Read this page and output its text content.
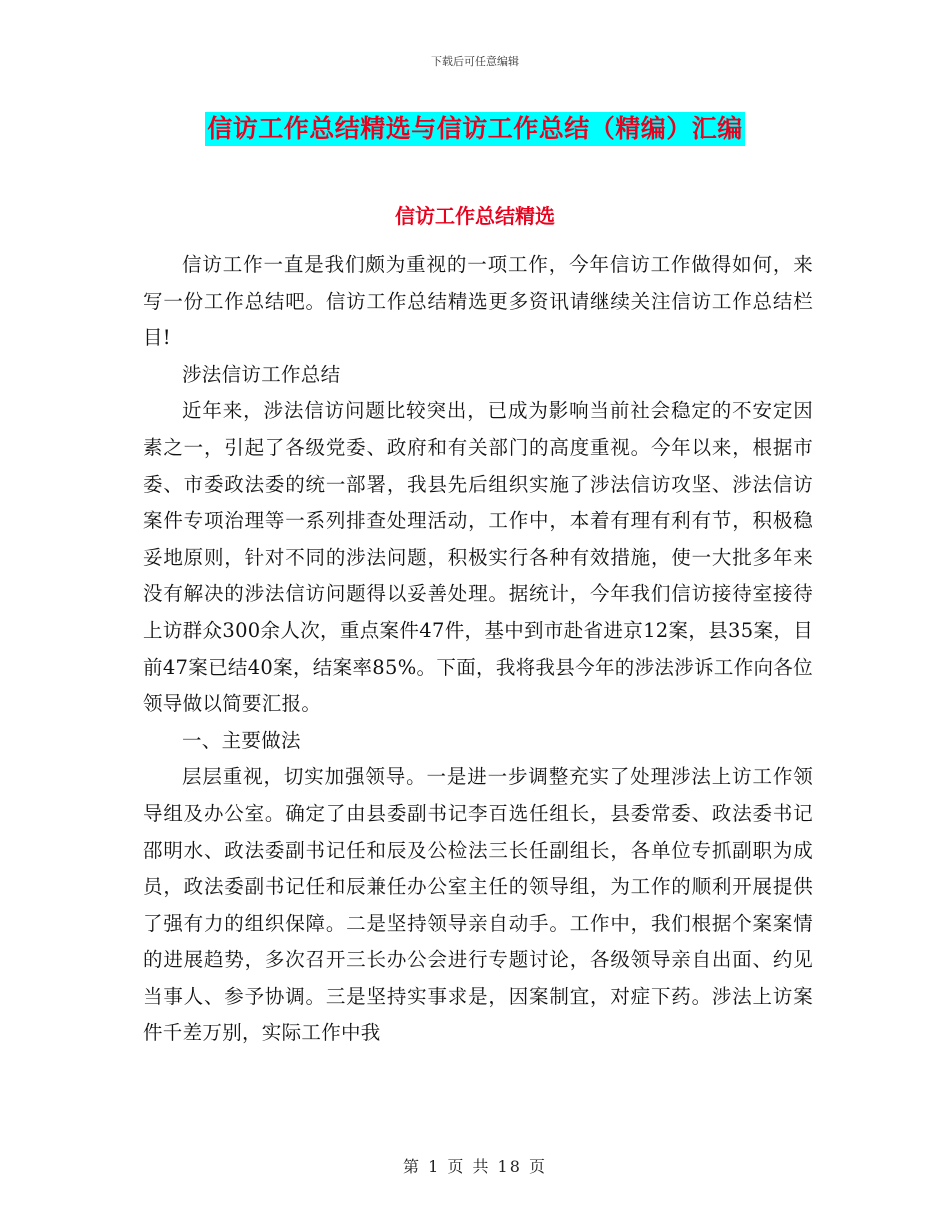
下载后可任意编辑
信访工作总结精选与信访工作总结（精编）汇编
信访工作总结精选

信访工作一直是我们颇为重视的一项工作，今年信访工作做得如何，来写一份工作总结吧。信访工作总结精选更多资讯请继续关注信访工作总结栏目!

涉法信访工作总结

近年来，涉法信访问题比较突出，已成为影响当前社会稳定的不安定因素之一，引起了各级党委、政府和有关部门的高度重视。今年以来，根据市委、市委政法委的统一部署，我县先后组织实施了涉法信访攻坚、涉法信访案件专项治理等一系列排查处理活动，工作中，本着有理有利有节，积极稳妥地原则，针对不同的涉法问题，积极实行各种有效措施，使一大批多年来没有解决的涉法信访问题得以妥善处理。据统计，今年我们信访接待室接待上访群众300余人次，重点案件47件，基中到市赴省进京12案，县35案，目前47案已结40案，结案率85%。下面，我将我县今年的涉法涉诉工作向各位领导做以简要汇报。

一、主要做法

层层重视，切实加强领导。一是进一步调整充实了处理涉法上访工作领导组及办公室。确定了由县委副书记李百选任组长，县委常委、政法委书记邵明水、政法委副书记任和辰及公检法三长任副组长，各单位专抓副职为成员，政法委副书记任和辰兼任办公室主任的领导组，为工作的顺利开展提供了强有力的组织保障。二是坚持领导亲自动手。工作中，我们根据个案案情的进展趋势，多次召开三长办公会进行专题讨论，各级领导亲自出面、约见当事人、参予协调。三是坚持实事求是，因案制宜，对症下药。涉法上访案件千差万别，实际工作中我

第 1 页 共 18 页
